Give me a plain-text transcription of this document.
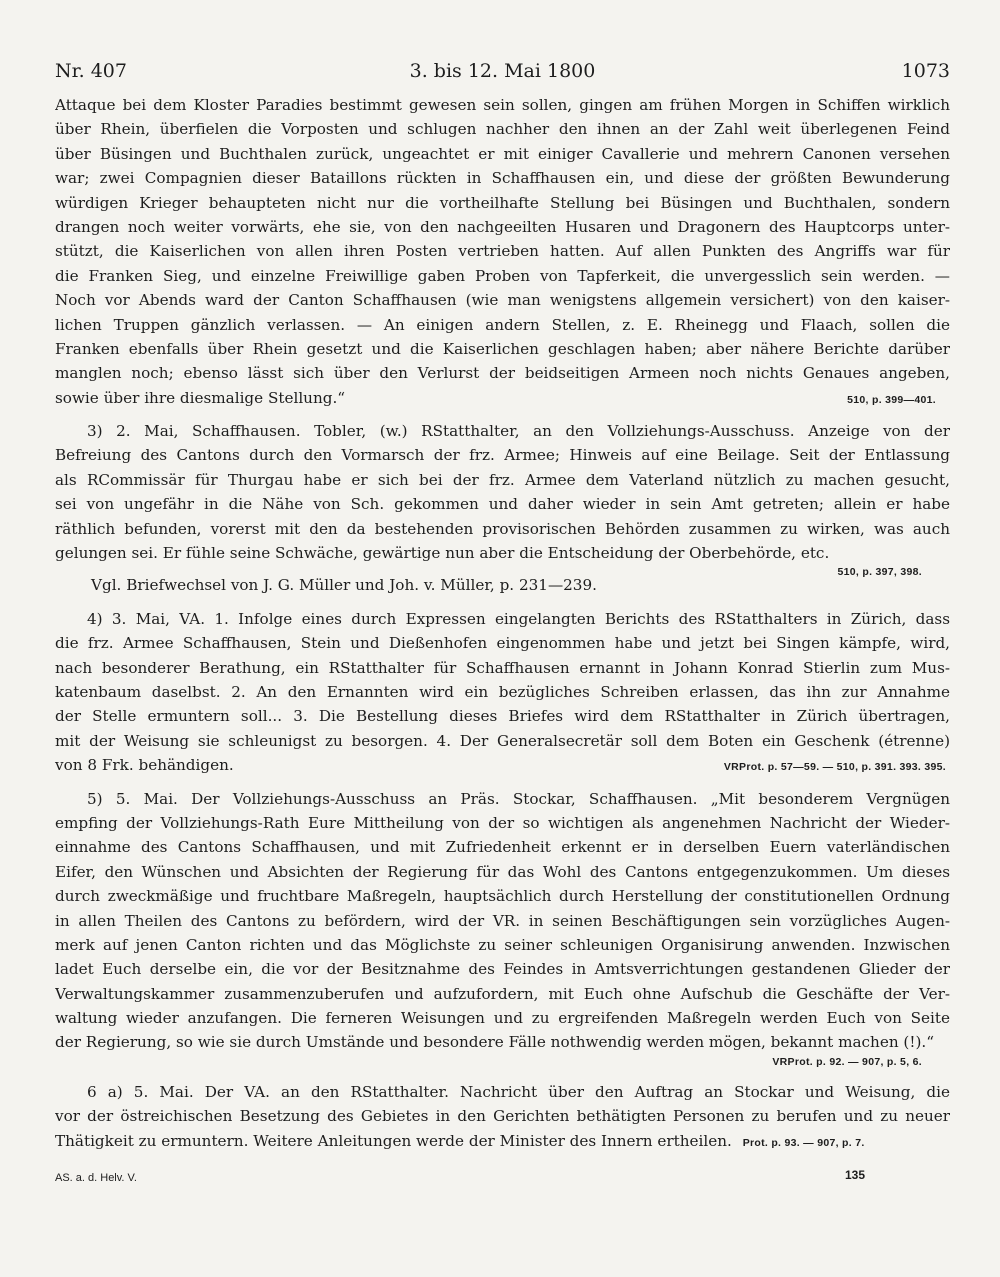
Nr. 407	3. bis 12. Mai 1800	1073
Attaque bei dem Kloster Paradies bestimmt gewesen sein sollen, gingen am frühen Morgen in Schiffen wirklich
über Rhein, überfielen die Vorposten und schlugen nachher den ihnen an der Zahl weit überlegenen Feind
über Büsingen und Buchthalen zurück, ungeachtet er mit einiger Cavallerie und mehrern Canonen versehen
war; zwei Compagnien dieser Bataillons rückten in Schaffhausen ein, und diese der größten Bewunderung
würdigen Krieger behaupteten nicht nur die vortheilhafte Stellung bei Büsingen und Buchthalen, sondern
drangen noch weiter vorwärts, ehe sie, von den nachgeeilten Husaren und Dragonern des Hauptcorps unter-
stützt, die Kaiserlichen von allen ihren Posten vertrieben hatten. Auf allen Punkten des Angriffs war für
die Franken Sieg, und einzelne Freiwillige gaben Proben von Tapferkeit, die unvergesslich sein werden. —
Noch vor Abends ward der Canton Schaffhausen (wie man wenigstens allgemein versichert) von den kaiser-
lichen Truppen gänzlich verlassen. — An einigen andern Stellen, z. E. Rheinegg und Flaach, sollen die
Franken ebenfalls über Rhein gesetzt und die Kaiserlichen geschlagen haben; aber nähere Berichte darüber
manglen noch; ebenso lässt sich über den Verlurst der beidseitigen Armeen noch nichts Genaues angeben,
sowie über ihre diesmalige Stellung.“	510, p. 399—401.
3) 2. Mai, Schaffhausen. Tobler, (w.) RStatthalter, an den Vollziehungs-Ausschuss. Anzeige von der
Befreiung des Cantons durch den Vormarsch der frz. Armee; Hinweis auf eine Beilage. Seit der Entlassung
als RCommissär für Thurgau habe er sich bei der frz. Armee dem Vaterland nützlich zu machen gesucht,
sei von ungefähr in die Nähe von Sch. gekommen und daher wieder in sein Amt getreten; allein er habe
räthlich befunden, vorerst mit den da bestehenden provisorischen Behörden zusammen zu wirken, was auch
gelungen sei. Er fühle seine Schwäche, gewärtige nun aber die Entscheidung der Oberbehörde, etc.
510, p. 397, 398.
Vgl. Briefwechsel von J. G. Müller und Joh. v. Müller, p. 231—239.
4) 3. Mai, VA. 1. Infolge eines durch Expressen eingelangten Berichts des RStatthalters in Zürich, dass
die frz. Armee Schaffhausen, Stein und Dießenhofen eingenommen habe und jetzt bei Singen kämpfe, wird,
nach besonderer Berathung, ein RStatthalter für Schaffhausen ernannt in Johann Konrad Stierlin zum Mus-
katenbaum daselbst. 2. An den Ernannten wird ein bezügliches Schreiben erlassen, das ihn zur Annahme
der Stelle ermuntern soll... 3. Die Bestellung dieses Briefes wird dem RStatthalter in Zürich übertragen,
mit der Weisung sie schleunigst zu besorgen. 4. Der Generalsecretär soll dem Boten ein Geschenk (étrenne)
von 8 Frk. behändigen.	VRProt. p. 57—59. — 510, p. 391. 393. 395.
5) 5. Mai. Der Vollziehungs-Ausschuss an Präs. Stockar, Schaffhausen. „Mit besonderem Vergnügen
empfing der Vollziehungs-Rath Eure Mittheilung von der so wichtigen als angenehmen Nachricht der Wieder-
einnahme des Cantons Schaffhausen, und mit Zufriedenheit erkennt er in derselben Euern vaterländischen
Eifer, den Wünschen und Absichten der Regierung für das Wohl des Cantons entgegenzukommen. Um dieses
durch zweckmäßige und fruchtbare Maßregeln, hauptsächlich durch Herstellung der constitutionellen Ordnung
in allen Theilen des Cantons zu befördern, wird der VR. in seinen Beschäftigungen sein vorzügliches Augen-
merk auf jenen Canton richten und das Möglichste zu seiner schleunigen Organisirung anwenden. Inzwischen
ladet Euch derselbe ein, die vor der Besitznahme des Feindes in Amtsverrichtungen gestandenen Glieder der
Verwaltungskammer zusammenzuberufen und aufzufordern, mit Euch ohne Aufschub die Geschäfte der Ver-
waltung wieder anzufangen. Die ferneren Weisungen und zu ergreifenden Maßregeln werden Euch von Seite
der Regierung, so wie sie durch Umstände und besondere Fälle nothwendig werden mögen, bekannt machen (!).“
VRProt. p. 92. — 907, p. 5, 6.
6 a) 5. Mai. Der VA. an den RStatthalter. Nachricht über den Auftrag an Stockar und Weisung, die
vor der östreichischen Besetzung des Gebietes in den Gerichten bethätigten Personen zu berufen und zu neuer
Thätigkeit zu ermuntern. Weitere Anleitungen werde der Minister des Innern ertheilen. Prot. p. 93. — 907, p. 7.
AS. a. d. Helv. V.	135
